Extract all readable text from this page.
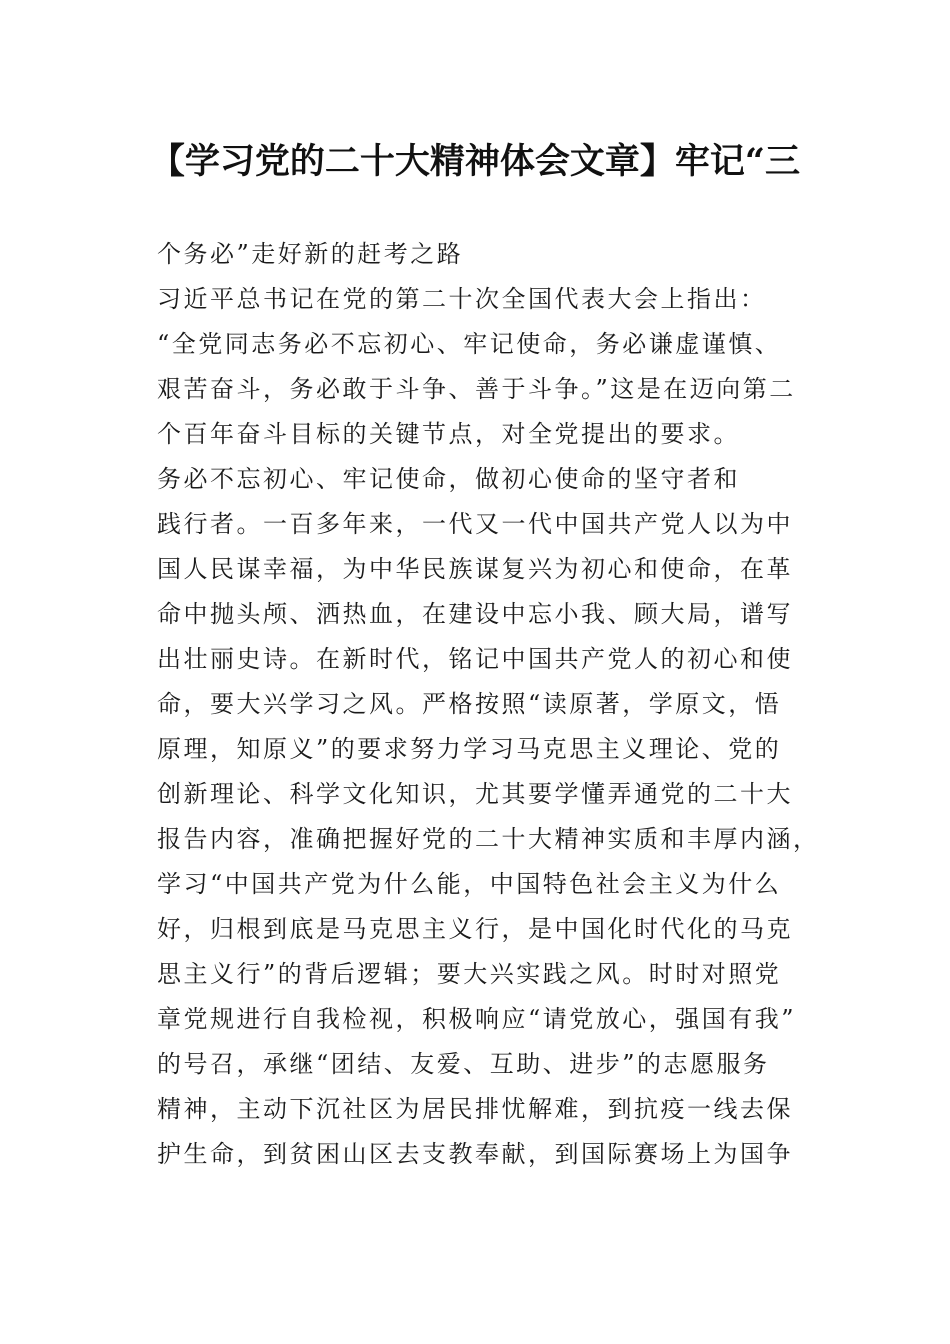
【学习党的二十大精神体会文章】牢记“三
个务必”走好新的赶考之路
习近平总书记在党的第二十次全国代表大会上指出：
“全党同志务必不忘初心、牢记使命，务必谦虚谨慎、
艰苦奋斗，务必敢于斗争、善于斗争。”这是在迈向第二
个百年奋斗目标的关键节点，对全党提出的要求。
务必不忘初心、牢记使命，做初心使命的坚守者和
践行者。一百多年来，一代又一代中国共产党人以为中
国人民谋幸福，为中华民族谋复兴为初心和使命，在革
命中抛头颅、洒热血，在建设中忘小我、顾大局，谱写
出壮丽史诗。在新时代，铭记中国共产党人的初心和使
命，要大兴学习之风。严格按照“读原著，学原文，悟
原理，知原义”的要求努力学习马克思主义理论、党的
创新理论、科学文化知识，尤其要学懂弄通党的二十大
报告内容，准确把握好党的二十大精神实质和丰厚内涵，
学习“中国共产党为什么能，中国特色社会主义为什么
好，归根到底是马克思主义行，是中国化时代化的马克
思主义行”的背后逻辑；要大兴实践之风。时时对照党
章党规进行自我检视，积极响应“请党放心，强国有我”
的号召，承继“团结、友爱、互助、进步”的志愿服务
精神，主动下沉社区为居民排忧解难，到抗疫一线去保
护生命，到贫困山区去支教奉献，到国际赛场上为国争
